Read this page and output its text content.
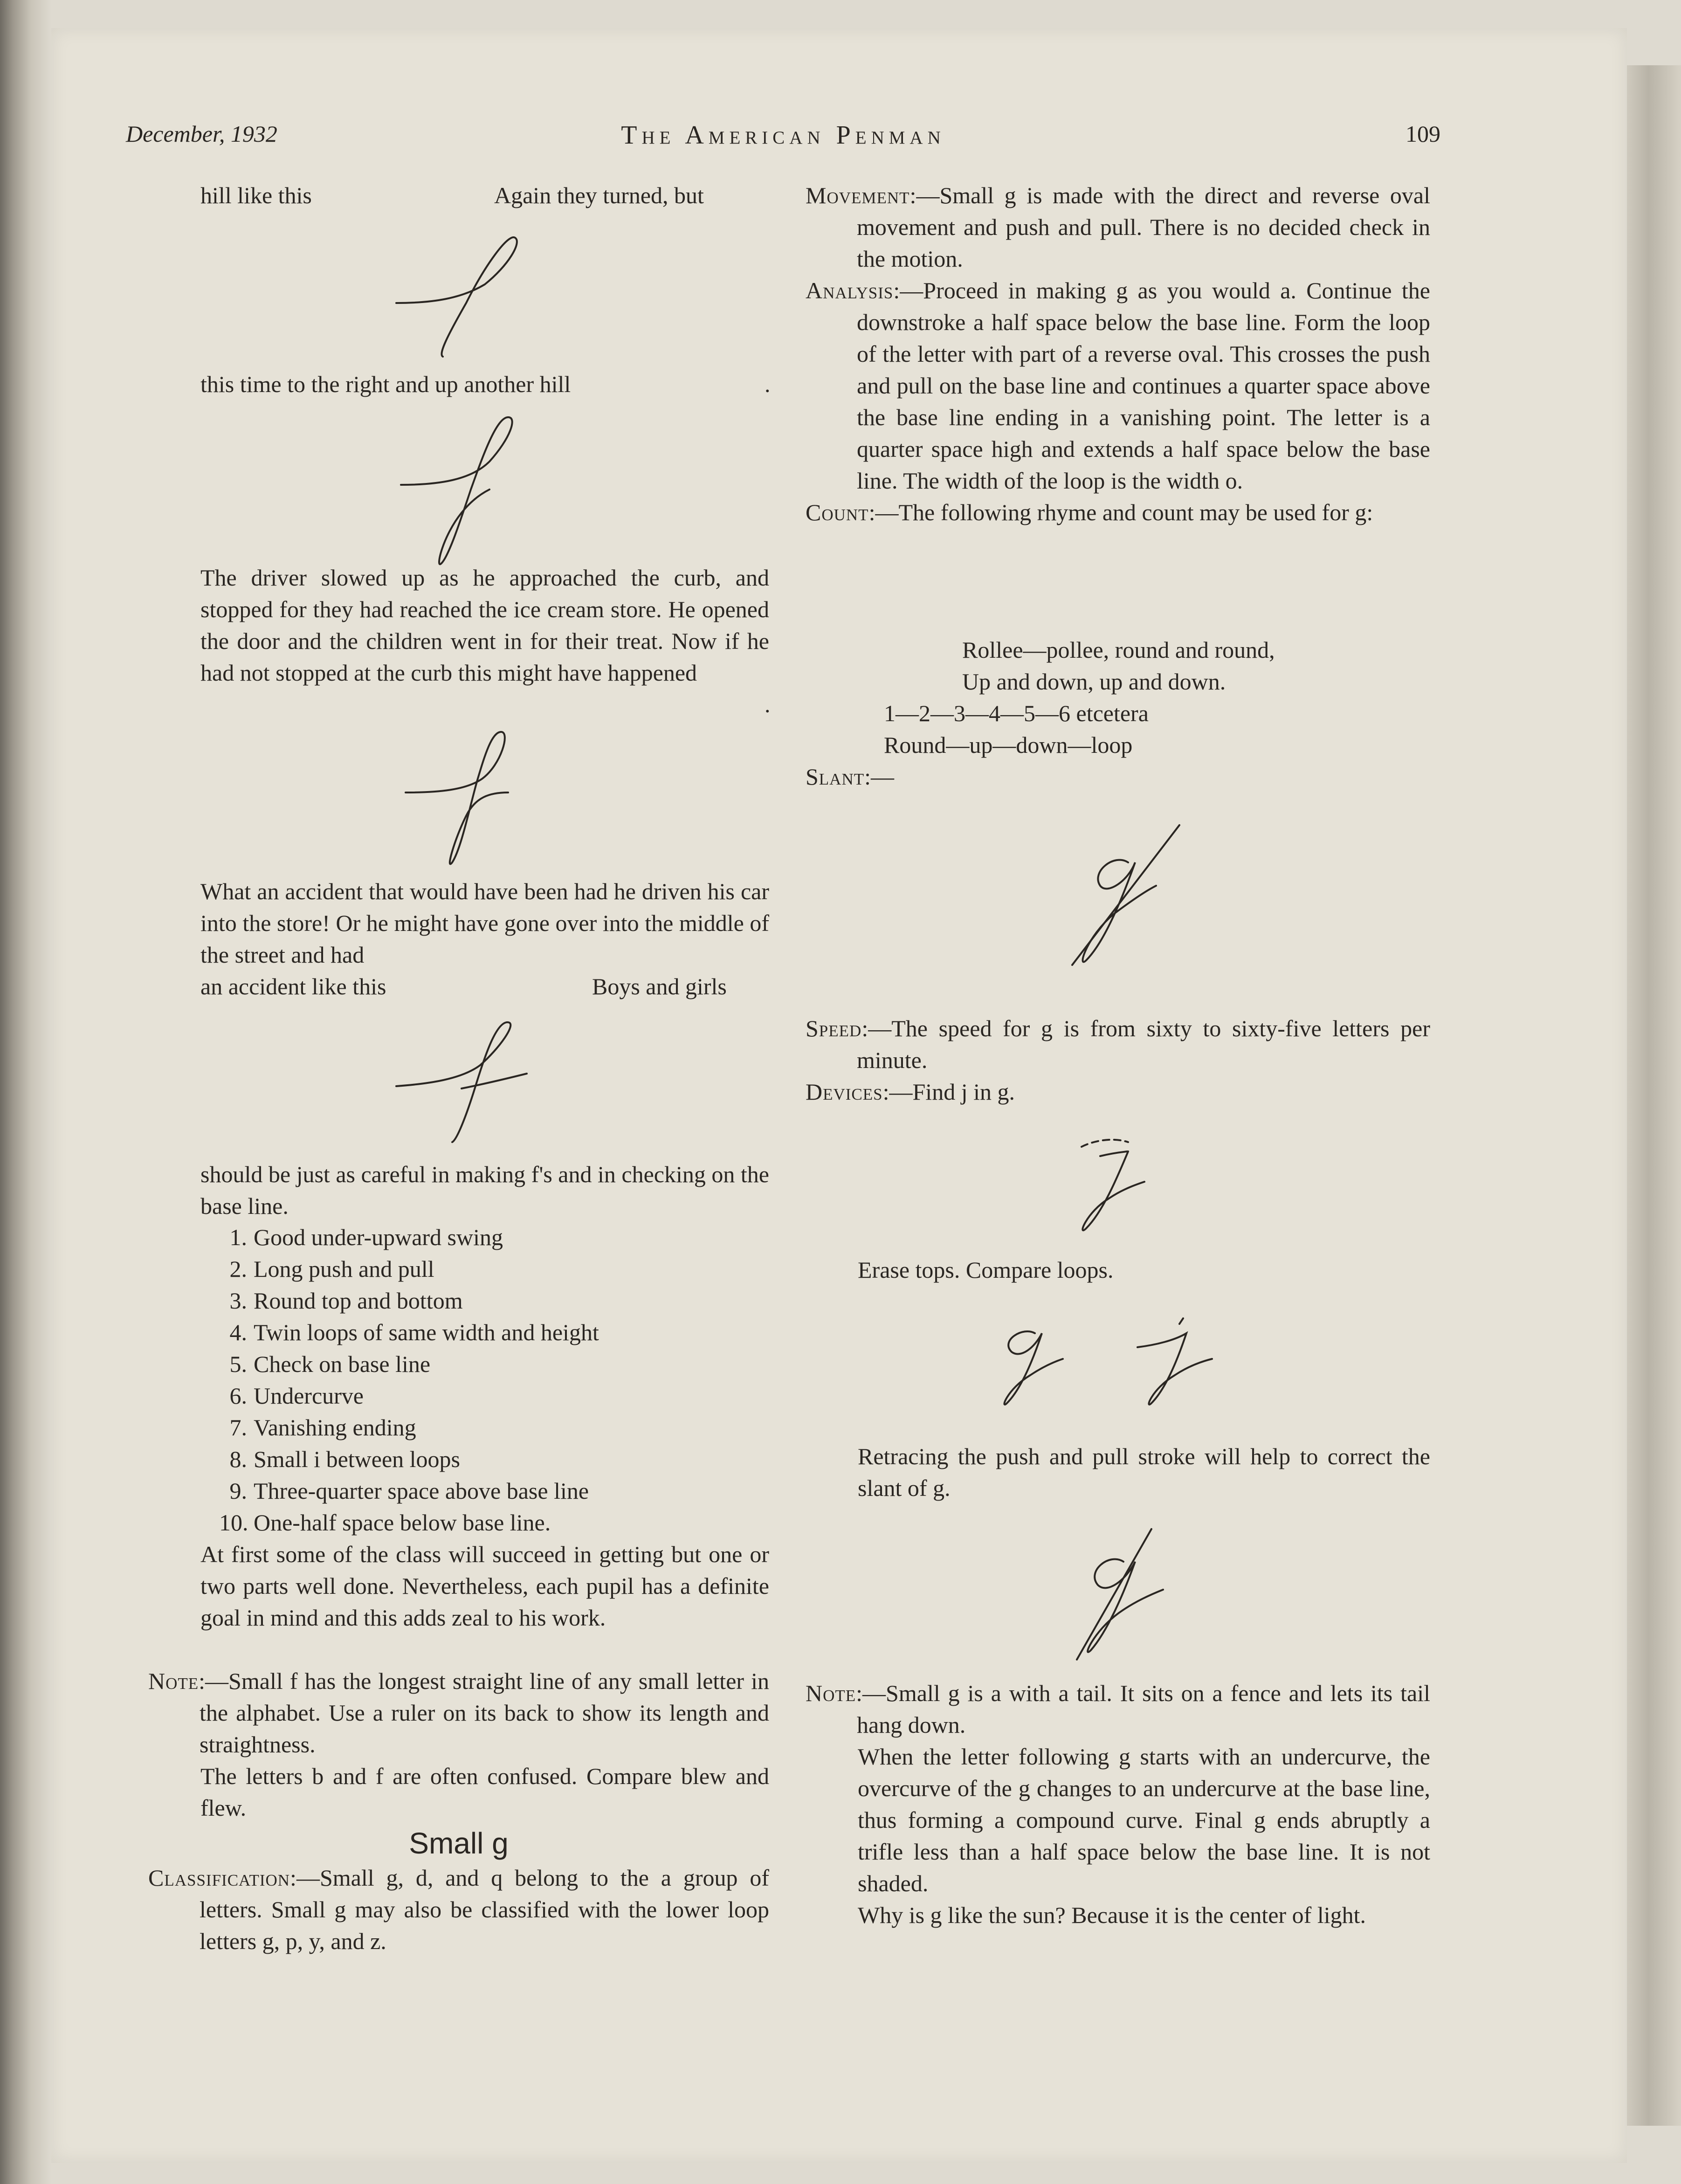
December, 1932	The American Penman	109
hill like this	Again they turned, but
this time to the right and up another hill	.

The driver slowed up as he approached the curb, and stopped for they had reached the ice cream store. He opened the door and the children went in for their treat. Now if he had not stopped at the curb this might have happened

.

What an accident that would have been had he driven his car into the store! Or he might have gone over into the middle of the street and had

an accident like this	Boys and girls

should be just as careful in making f's and in checking on the base line.

1. Good under-upward swing
2. Long push and pull
3. Round top and bottom
4. Twin loops of same width and height
5. Check on base line
6. Undercurve
7. Vanishing ending
8. Small i between loops
9. Three-quarter space above base line
10. One-half space below base line.

At first some of the class will succeed in getting but one or two parts well done. Nevertheless, each pupil has a definite goal in mind and this adds zeal to his work.

Note:—Small f has the longest straight line of any small letter in the alphabet. Use a ruler on its back to show its length and straightness.

The letters b and f are often confused. Compare blew and flew.

Small g

Classification:—Small g, d, and q belong to the a group of letters. Small g may also be classified with the lower loop letters g, p, y, and z.

Movement:—Small g is made with the direct and reverse oval movement and push and pull. There is no decided check in the motion.

Analysis:—Proceed in making g as you would a. Continue the downstroke a half space below the base line. Form the loop of the letter with part of a reverse oval. This crosses the push and pull on the base line and continues a quarter space above the base line ending in a vanishing point. The letter is a quarter space high and extends a half space below the base line. The width of the loop is the width o.

Count:—The following rhyme and count may be used for g:

Rollee—pollee, round and round,
Up and down, up and down.
1—2—3—4—5—6 etcetera
Round—up—down—loop
Slant:—

Speed:—The speed for g is from sixty to sixty-five letters per minute.

Devices:—Find j in g.

Erase tops. Compare loops.

Retracing the push and pull stroke will help to correct the slant of g.

Note:—Small g is a with a tail. It sits on a fence and lets its tail hang down.

When the letter following g starts with an undercurve, the overcurve of the g changes to an undercurve at the base line, thus forming a compound curve. Final g ends abruptly a trifle less than a half space below the base line. It is not shaded.

Why is g like the sun? Because it is the center of light.
